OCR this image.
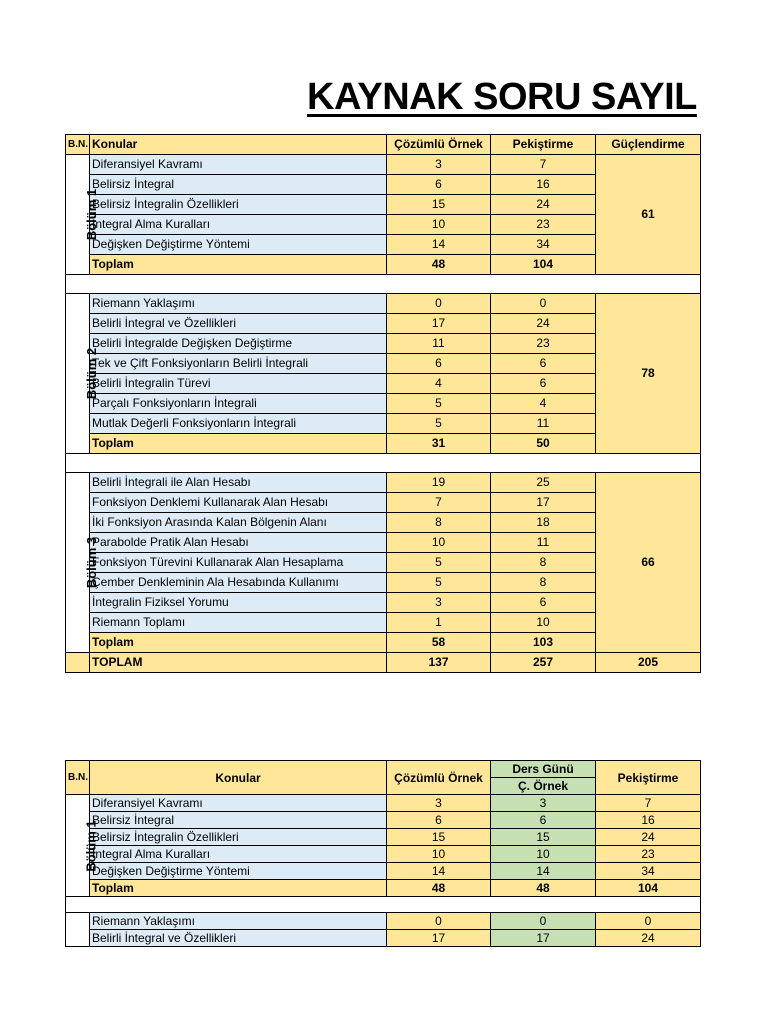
KAYNAK SORU SAYIL
B.N.	Konular	Çözümlü Örnek	Pekiştirme	Güçlendirme
Bölüm 1	Diferansiyel Kavramı	3	7	61
	Belirsiz İntegral	6	16	
	Belirsiz İntegralin Özellikleri	15	24	
	İntegral Alma Kuralları	10	23	
	Değişken Değiştirme Yöntemi	14	34	
	Toplam	48	104	

Bölüm 2	Riemann Yaklaşımı	0	0	78
	Belirli İntegral ve Özellikleri	17	24	
	Belirli İntegralde Değişken Değiştirme	11	23	
	Tek ve Çift Fonksiyonların Belirli İntegrali	6	6	
	Belirli İntegralin Türevi	4	6	
	Parçalı Fonksiyonların İntegrali	5	4	
	Mutlak Değerli Fonksiyonların İntegrali	5	11	
	Toplam	31	50	

Bölüm 3	Belirli İntegrali ile Alan Hesabı	19	25	66
	Fonksiyon Denklemi Kullanarak Alan Hesabı	7	17	
	İki Fonksiyon Arasında Kalan Bölgenin Alanı	8	18	
	Parabolde Pratik Alan Hesabı	10	11	
	Fonksiyon Türevini Kullanarak Alan Hesaplama	5	8	
	Çember Denkleminin Ala Hesabında Kullanımı	5	8	
	İntegralin Fiziksel Yorumu	3	6	
	Riemann Toplamı	1	10	
	Toplam	58	103	
	TOPLAM	137	257	205
B.N.	Konular	Çözümlü Örnek	Ders Günü	Pekiştirme
			Ç. Örnek	
Bölüm 1	Diferansiyel Kavramı	3	3	7
	Belirsiz İntegral	6	6	16
	Belirsiz İntegralin Özellikleri	15	15	24
	İntegral Alma Kuralları	10	10	23
	Değişken Değiştirme Yöntemi	14	14	34
	Toplam	48	48	104

	Riemann Yaklaşımı	0	0	0
	Belirli İntegral ve Özellikleri	17	17	24
